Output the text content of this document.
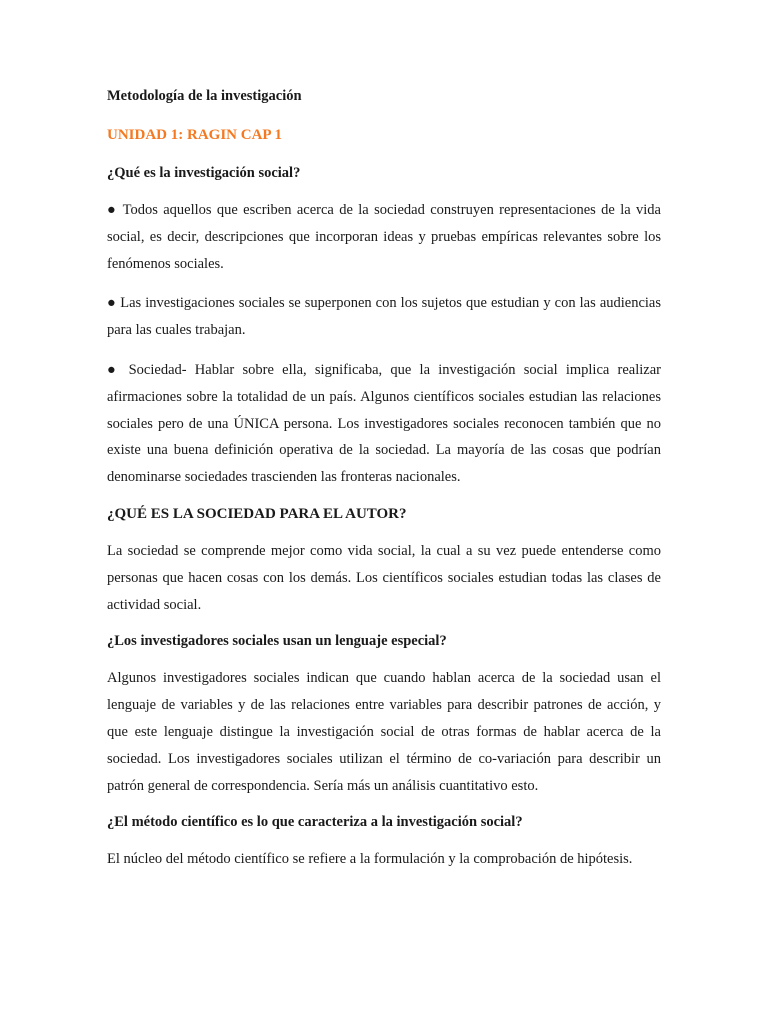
Metodología de la investigación
UNIDAD 1: RAGIN CAP 1
¿Qué es la investigación social?

● Todos aquellos que escriben acerca de la sociedad construyen representaciones de la vida social, es decir, descripciones que incorporan ideas y pruebas empíricas relevantes sobre los fenómenos sociales.

● Las investigaciones sociales se superponen con los sujetos que estudian y con las audiencias para las cuales trabajan.

● Sociedad- Hablar sobre ella, significaba, que la investigación social implica realizar afirmaciones sobre la totalidad de un país. Algunos científicos sociales estudian las relaciones sociales pero de una ÚNICA persona. Los investigadores sociales reconocen también que no existe una buena definición operativa de la sociedad. La mayoría de las cosas que podrían denominarse sociedades trascienden las fronteras nacionales.

¿QUÉ ES LA SOCIEDAD PARA EL AUTOR?

La sociedad se comprende mejor como vida social, la cual a su vez puede entenderse como personas que hacen cosas con los demás. Los científicos sociales estudian todas las clases de actividad social.

¿Los investigadores sociales usan un lenguaje especial?

Algunos investigadores sociales indican que cuando hablan acerca de la sociedad usan el lenguaje de variables y de las relaciones entre variables para describir patrones de acción, y que este lenguaje distingue la investigación social de otras formas de hablar acerca de la sociedad. Los investigadores sociales utilizan el término de co-variación para describir un patrón general de correspondencia. Sería más un análisis cuantitativo esto.

¿El método científico es lo que caracteriza a la investigación social?

El núcleo del método científico se refiere a la formulación y la comprobación de hipótesis.
